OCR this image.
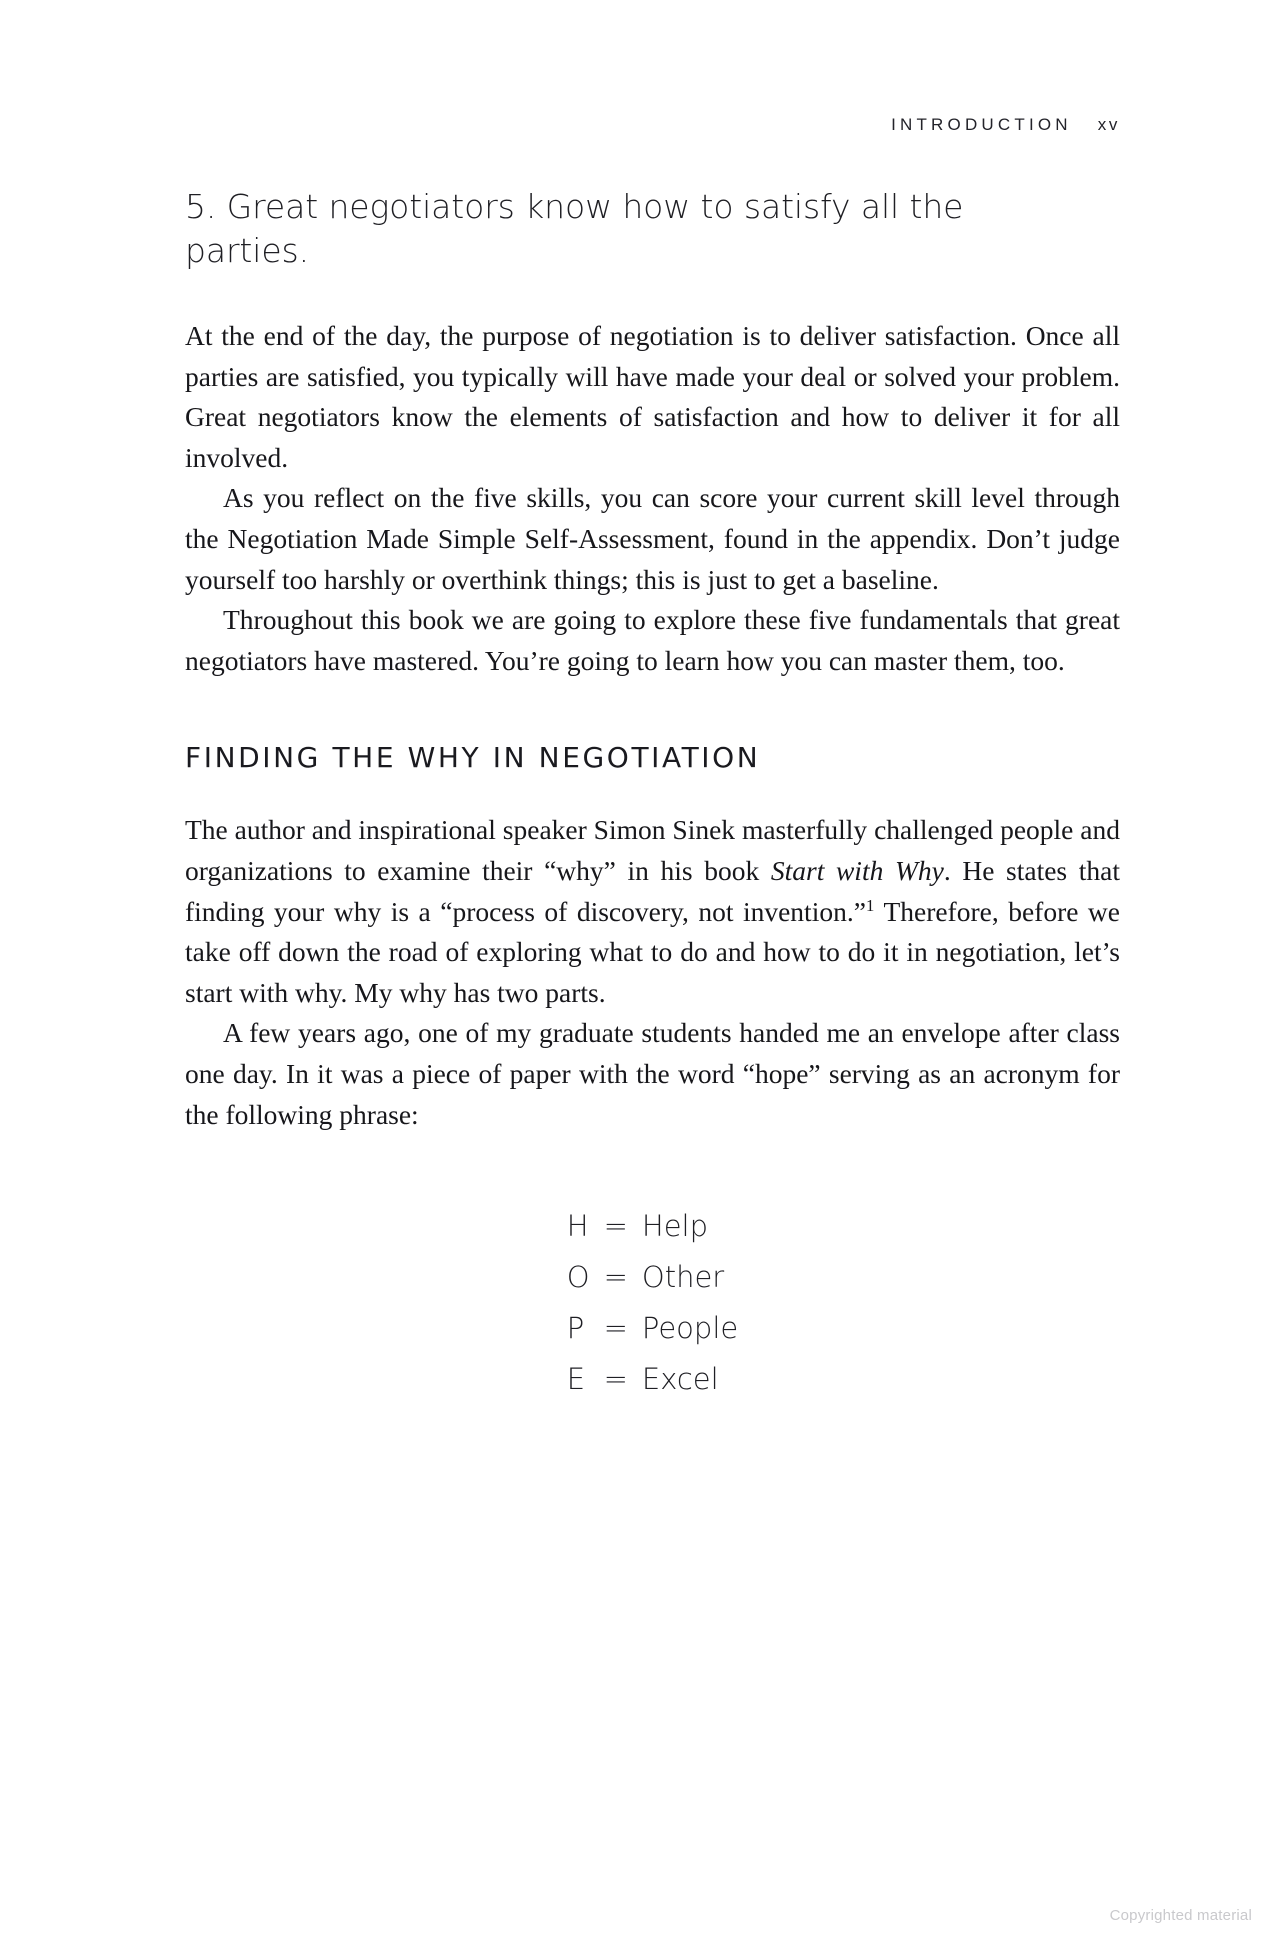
INTRODUCTION xv
5. Great negotiators know how to satisfy all the parties.

At the end of the day, the purpose of negotiation is to deliver satisfaction. Once all parties are satisfied, you typically will have made your deal or solved your problem. Great negotiators know the elements of satisfaction and how to deliver it for all involved.

As you reflect on the five skills, you can score your current skill level through the Negotiation Made Simple Self-Assessment, found in the appendix. Don’t judge yourself too harshly or overthink things; this is just to get a baseline.

Throughout this book we are going to explore these five fundamentals that great negotiators have mastered. You’re going to learn how you can master them, too.

FINDING THE WHY IN NEGOTIATION

The author and inspirational speaker Simon Sinek masterfully challenged people and organizations to examine their “why” in his book Start with Why. He states that finding your why is a “process of discovery, not invention.”$^1$ Therefore, before we take off down the road of exploring what to do and how to do it in negotiation, let’s start with why. My why has two parts.

A few years ago, one of my graduate students handed me an envelope after class one day. In it was a piece of paper with the word “hope” serving as an acronym for the following phrase:

H	=	Help
O	=	Other
P	=	People
E	=	Excel
Copyrighted material
